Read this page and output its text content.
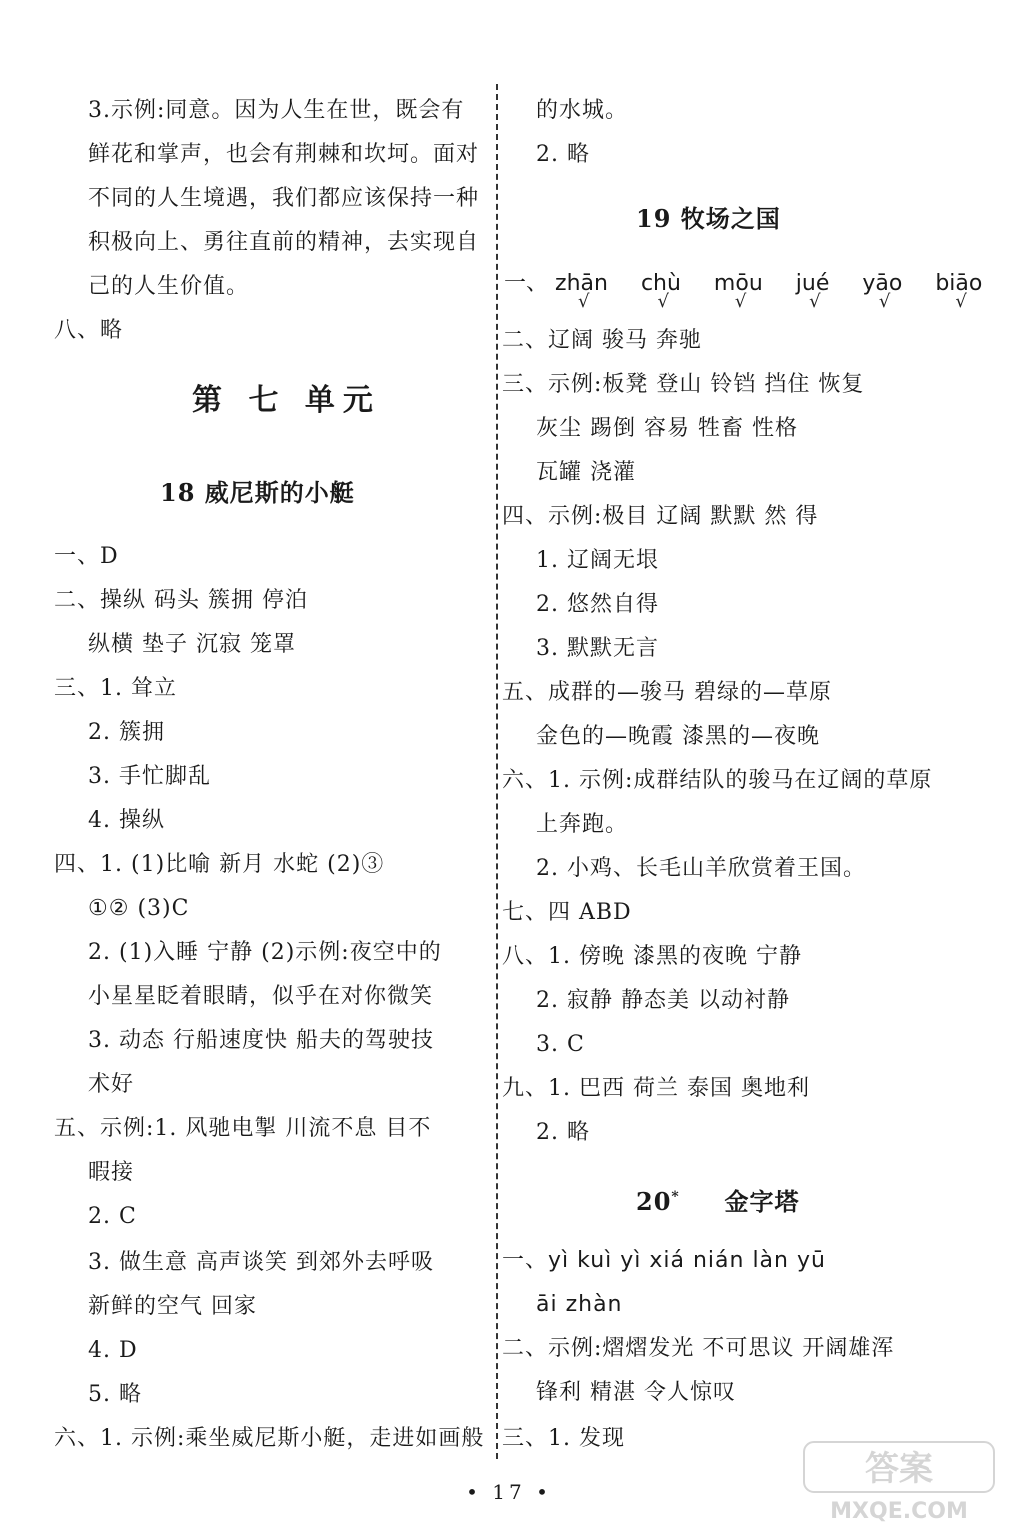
3.示例:同意。因为人生在世，既会有
鲜花和掌声，也会有荆棘和坎坷。面对
不同的人生境遇，我们都应该保持一种
积极向上、勇往直前的精神，去实现自
己的人生价值。
八、略
第 七 单元
18 威尼斯的小艇
一、D
二、操纵 码头 簇拥 停泊
纵横 垫子 沉寂 笼罩
三、1. 耸立
2. 簇拥
3. 手忙脚乱
4. 操纵
四、1. (1)比喻 新月 水蛇 (2)③
①② (3)C
2. (1)入睡 宁静 (2)示例:夜空中的
小星星眨着眼睛，似乎在对你微笑
3. 动态 行船速度快 船夫的驾驶技
术好
五、示例:1. 风驰电掣 川流不息 目不
暇接
2. C
3. 做生意 高声谈笑 到郊外去呼吸
新鲜的空气 回家
4. D
5. 略
六、1. 示例:乘坐威尼斯小艇，走进如画般
的水城。
2. 略
19 牧场之国
一、 zhān
√
chù
√
mōu
√
jué
√
yāo
√
biāo
√
二、辽阔 骏马 奔驰
三、示例:板凳 登山 铃铛 挡住 恢复
灰尘 踢倒 容易 牲畜 性格
瓦罐 浇灌
四、示例:极目 辽阔 默默 然 得
1. 辽阔无垠
2. 悠然自得
3. 默默无言
五、成群的—骏马 碧绿的—草原
金色的—晚霞 漆黑的—夜晚
六、1. 示例:成群结队的骏马在辽阔的草原
上奔跑。
2. 小鸡、长毛山羊欣赏着王国。
七、四 ABD
八、1. 傍晚 漆黑的夜晚 宁静
2. 寂静 静态美 以动衬静
3. C
九、1. 巴西 荷兰 泰国 奥地利
2. 略
20* 金字塔
一、yì kuì yì xiá nián làn yū
āi zhàn
二、示例:熠熠发光 不可思议 开阔雄浑
锋利 精湛 令人惊叹
三、1. 发现
• 17 •
答案
MXQE.COM
